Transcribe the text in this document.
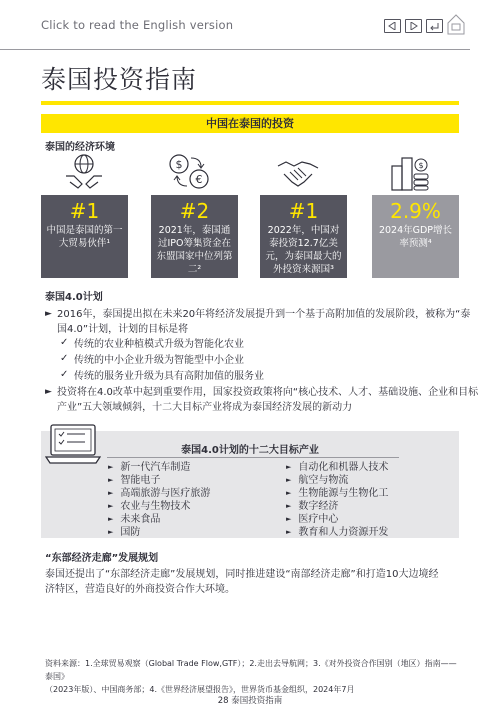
Click to read the English version
泰国投资指南
中国在泰国的投资
泰国的经济环境
$
€
$
#1
中国是泰国的第一大贸易伙伴¹
#2
2021年，泰国通过IPO筹集资金在东盟国家中位列第二²
#1
2022年，中国对泰投资12.7亿美元，为泰国最大的外投资来源国³
2.9%
2024年GDP增长率预测⁴
泰国4.0计划
► 2016年，泰国提出拟在未来20年将经济发展提升到一个基于高附加值的发展阶段，被称为“泰
国4.0”计划，计划的目标是将
✓ 传统的农业种植模式升级为智能化农业
✓ 传统的中小企业升级为智能型中小企业
✓ 传统的服务业升级为具有高附加值的服务业
► 投资将在4.0改革中起到重要作用，国家投资政策将向“核心技术、人才、基础设施、企业和目标
产业”五大领域倾斜，十二大目标产业将成为泰国经济发展的新动力
泰国4.0计划的十二大目标产业
► 新一代汽车制造
► 智能电子
► 高端旅游与医疗旅游
► 农业与生物技术
► 未来食品
► 国防
► 自动化和机器人技术
► 航空与物流
► 生物能源与生物化工
► 数字经济
► 医疗中心
► 教育和人力资源开发
“东部经济走廊”发展规划
泰国还提出了“东部经济走廊”发展规划，同时推进建设“南部经济走廊”和打造10大边境经
济特区，营造良好的外商投资合作大环境。
资料来源：1.全球贸易观察（Global Trade Flow,GTF）；2.走出去导航网；3.《对外投资合作国别（地区）指南——泰国》
（2023年版）、中国商务部；4.《世界经济展望报告》，世界货币基金组织，2024年7月
28 泰国投资指南
